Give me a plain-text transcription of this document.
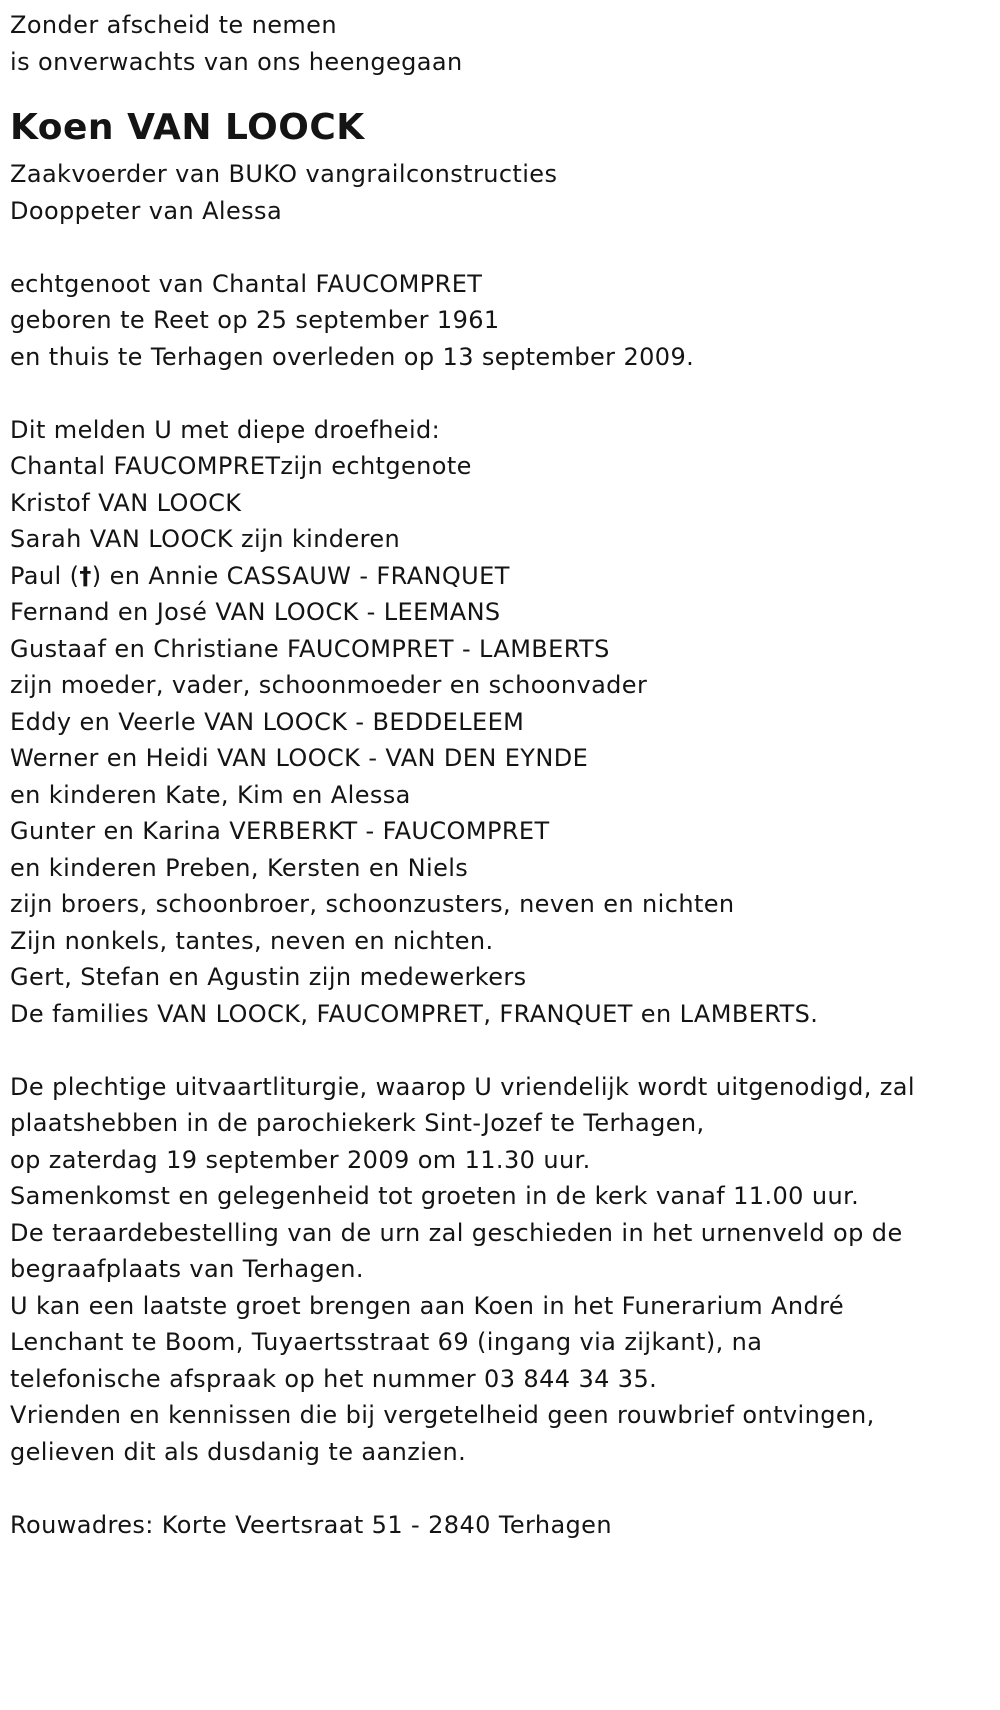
Zonder afscheid te nemen
is onverwachts van ons heengegaan
Koen VAN LOOCK
Zaakvoerder van BUKO vangrailconstructies
Dooppeter van Alessa
echtgenoot van Chantal FAUCOMPRET
geboren te Reet op 25 september 1961
en thuis te Terhagen overleden op 13 september 2009.
Dit melden U met diepe droefheid:
Chantal FAUCOMPRETzijn echtgenote
Kristof VAN LOOCK
Sarah VAN LOOCK zijn kinderen
Paul (†) en Annie CASSAUW - FRANQUET
Fernand en José VAN LOOCK - LEEMANS
Gustaaf en Christiane FAUCOMPRET - LAMBERTS
zijn moeder, vader, schoonmoeder en schoonvader
Eddy en Veerle VAN LOOCK - BEDDELEEM
Werner en Heidi VAN LOOCK - VAN DEN EYNDE
en kinderen Kate, Kim en Alessa
Gunter en Karina VERBERKT - FAUCOMPRET
en kinderen Preben, Kersten en Niels
zijn broers, schoonbroer, schoonzusters, neven en nichten
Zijn nonkels, tantes, neven en nichten.
Gert, Stefan en Agustin zijn medewerkers
De families VAN LOOCK, FAUCOMPRET, FRANQUET en LAMBERTS.
De plechtige uitvaartliturgie, waarop U vriendelijk wordt uitgenodigd, zal
plaatshebben in de parochiekerk Sint-Jozef te Terhagen,
op zaterdag 19 september 2009 om 11.30 uur.
Samenkomst en gelegenheid tot groeten in de kerk vanaf 11.00 uur.
De teraardebestelling van de urn zal geschieden in het urnenveld op de
begraafplaats van Terhagen.
U kan een laatste groet brengen aan Koen in het Funerarium André
Lenchant te Boom, Tuyaertsstraat 69 (ingang via zijkant), na
telefonische afspraak op het nummer 03 844 34 35.
Vrienden en kennissen die bij vergetelheid geen rouwbrief ontvingen,
gelieven dit als dusdanig te aanzien.
Rouwadres: Korte Veertsraat 51 - 2840 Terhagen
